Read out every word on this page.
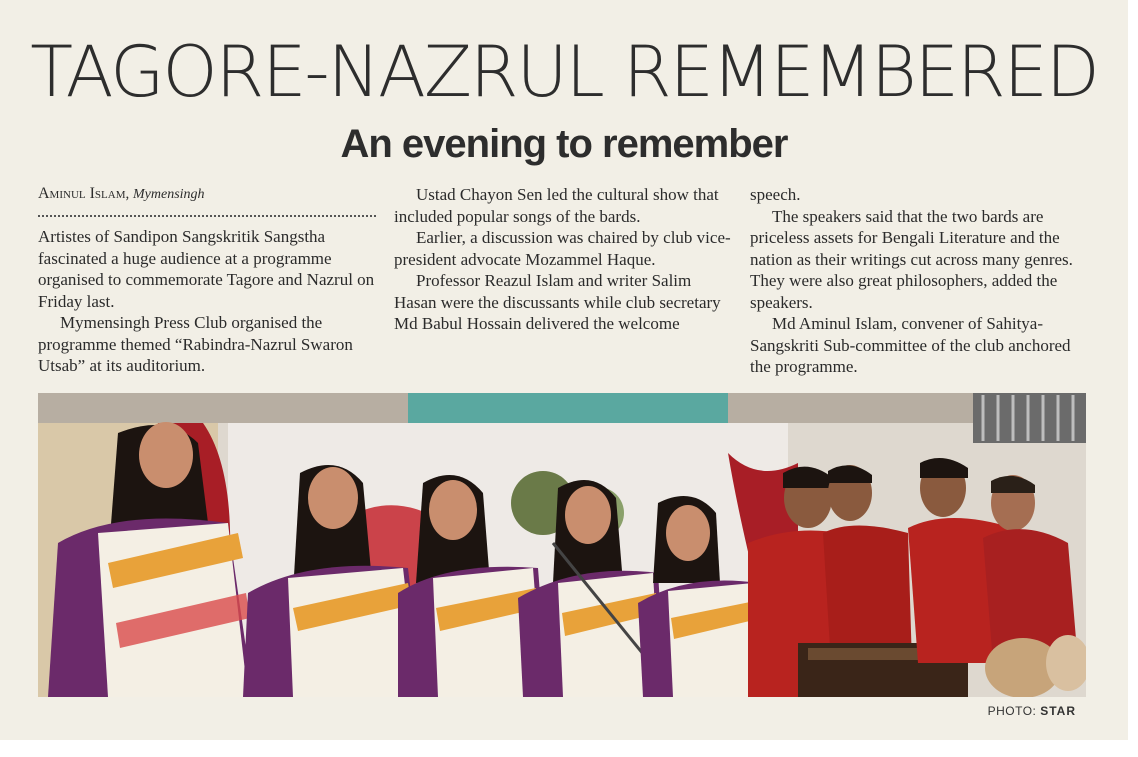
TAGORE-NAZRUL REMEMBERED
An evening to remember
Aminul Islam, Mymensingh

Artistes of Sandipon Sangskritik Sangstha fascinated a huge audience at a programme organised to commemorate Tagore and Nazrul on Friday last.

Mymensingh Press Club organised the programme themed “Rabindra-Nazrul Swaron Utsab” at its auditorium.

Ustad Chayon Sen led the cultural show that included popular songs of the bards.

Earlier, a discussion was chaired by club vice-president advocate Mozammel Haque.

Professor Reazul Islam and writer Salim Hasan were the discussants while club secretary Md Babul Hossain delivered the welcome

speech.

The speakers said that the two bards are priceless assets for Bengali Literature and the nation as their writings cut across many genres. They were also great philosophers, added the speakers.

Md Aminul Islam, convener of Sahitya-Sangskriti Sub-committee of the club anchored the programme.

PHOTO: STAR
